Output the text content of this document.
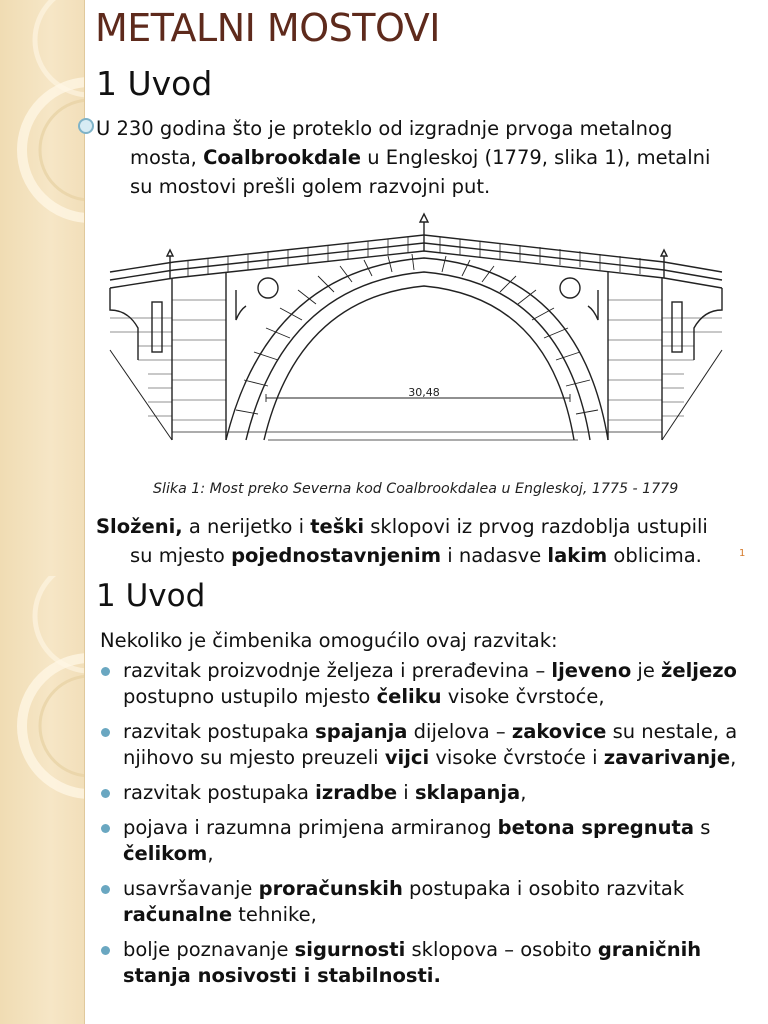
METALNI MOSTOVI
1 Uvod
U 230 godina što je proteklo od izgradnje prvoga metalnog
mosta, Coalbrookdale u Engleskoj (1779, slika 1), metalni
su mostovi prešli golem razvojni put.
30,48
Slika 1: Most preko Severna kod Coalbrookdalea u Engleskoj, 1775 - 1779
Složeni, a nerijetko i teški sklopovi iz prvog razdoblja ustupili
su mjesto pojednostavnjenim i nadasve lakim oblicima.	1
1 Uvod
Nekoliko je čimbenika omogućilo ovaj razvitak:
razvitak proizvodnje željeza i prerađevina – ljeveno je željezo postupno ustupilo mjesto čeliku visoke čvrstoće,
razvitak postupaka spajanja dijelova – zakovice su nestale, a njihovo su mjesto preuzeli vijci visoke čvrstoće i zavarivanje,
razvitak postupaka izradbe i sklapanja,
pojava i razumna primjena armiranog betona spregnuta s čelikom,
usavršavanje proračunskih postupaka i osobito razvitak računalne tehnike,
bolje poznavanje sigurnosti sklopova – osobito graničnih stanja nosivosti i stabilnosti.
